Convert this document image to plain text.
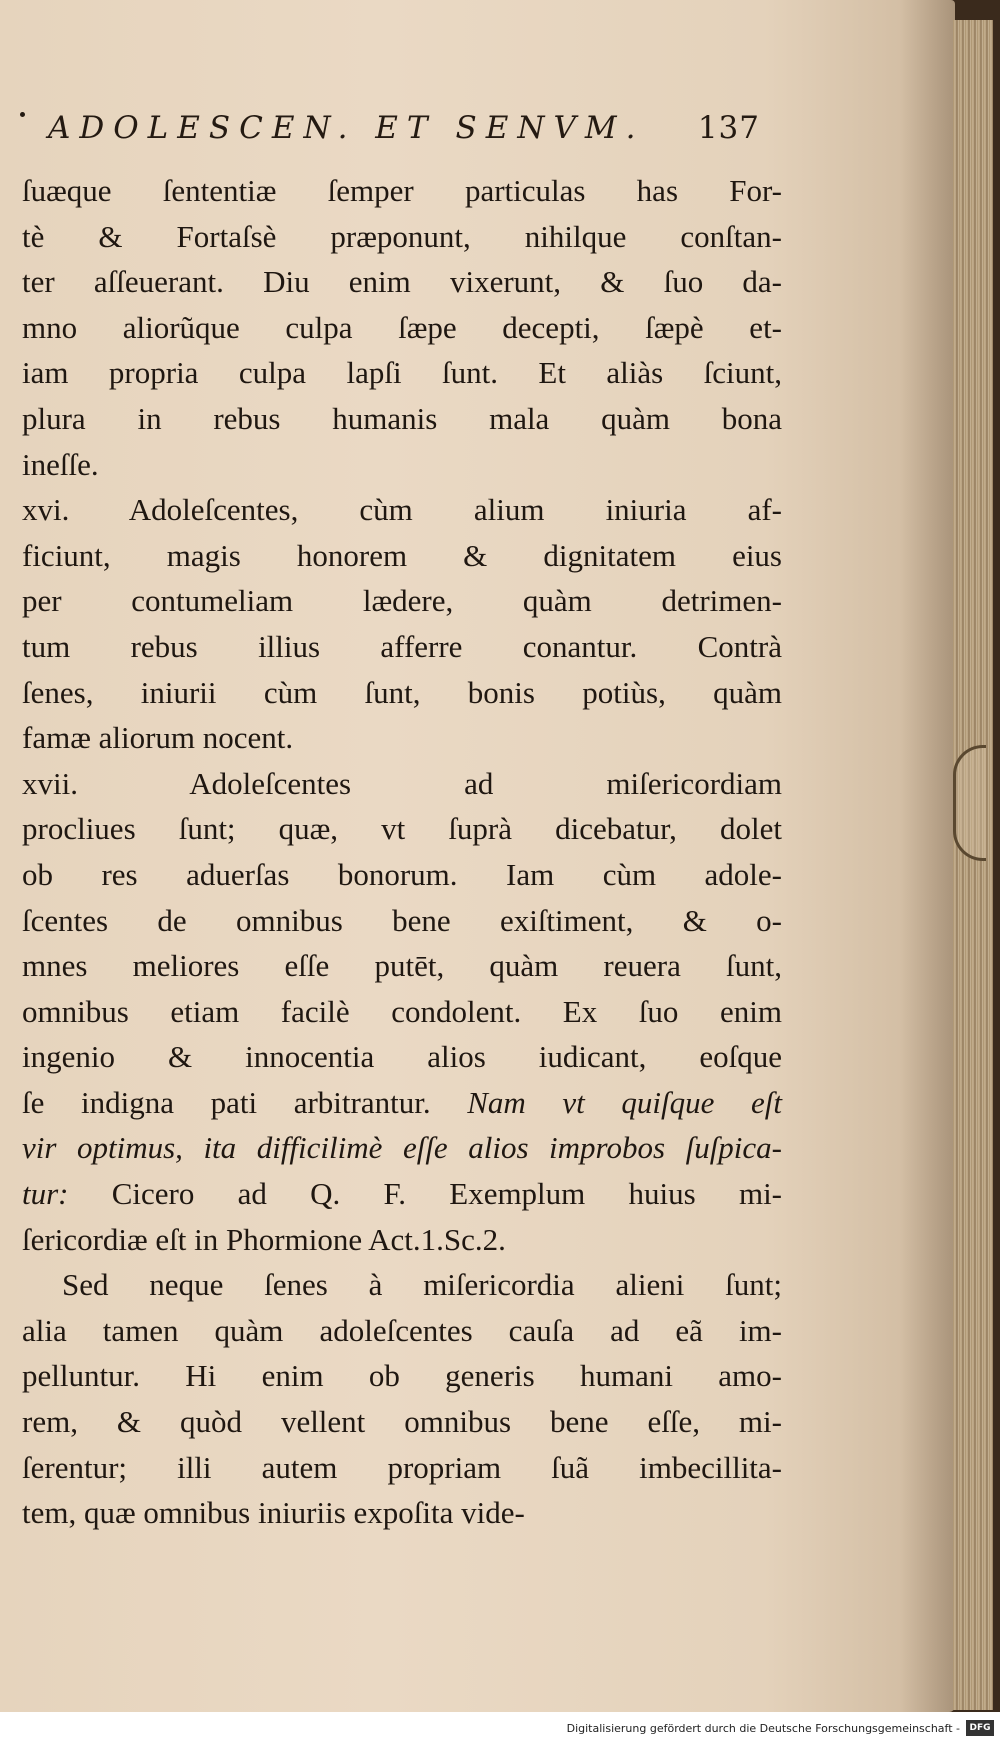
ADOLESCEN. ET SENVM. 137
ſuæque ſententiæ ſemper particulas has For-
tè & Fortaſsè præponunt, nihilque conſtan-
ter aſſeuerant. Diu enim vixerunt, & ſuo da-
mno aliorũque culpa ſæpe decepti, ſæpè et-
iam propria culpa lapſi ſunt. Et aliàs ſciunt,
plura in rebus humanis mala quàm bona
ineſſe.
xvi. Adoleſcentes, cùm alium iniuria af-
ficiunt, magis honorem & dignitatem eius
per contumeliam lædere, quàm detrimen-
tum rebus illius afferre conantur. Contrà
ſenes, iniurii cùm ſunt, bonis potiùs, quàm
famæ aliorum nocent.
xvii. Adoleſcentes ad miſericordiam
procliues ſunt; quæ, vt ſuprà dicebatur, dolet
ob res aduerſas bonorum. Iam cùm adole-
ſcentes de omnibus bene exiſtiment, & o-
mnes meliores eſſe putēt, quàm reuera ſunt,
omnibus etiam facilè condolent. Ex ſuo enim
ingenio & innocentia alios iudicant, eoſque
ſe indigna pati arbitrantur. Nam vt quiſque eſt
vir optimus, ita difficilimè eſſe alios improbos ſuſpica-
tur: Cicero ad Q. F. Exemplum huius mi-
ſericordiæ eſt in Phormione Act.1.Sc.2.
Sed neque ſenes à miſericordia alieni ſunt;
alia tamen quàm adoleſcentes cauſa ad eã im-
pelluntur. Hi enim ob generis humani amo-
rem, & quòd vellent omnibus bene eſſe, mi-
ſerentur; illi autem propriam ſuã imbecillita-
tem, quæ omnibus iniuriis expoſita vide-
Digitalisierung gefördert durch die Deutsche Forschungsgemeinschaft -	DFG
